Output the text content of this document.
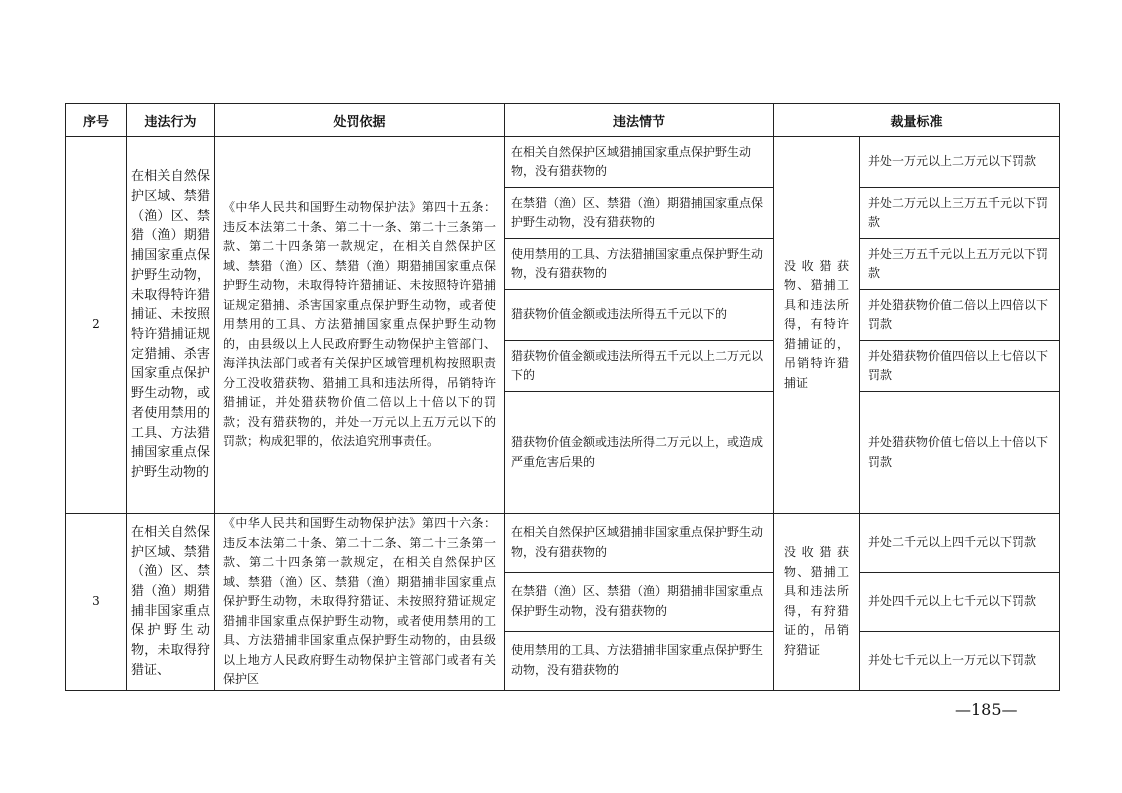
序号	违法行为	处罚依据	违法情节	裁量标准	
2	在相关自然保护区域、禁猎（渔）区、禁猎（渔）期猎捕国家重点保护野生动物，未取得特许猎捕证、未按照特许猎捕证规定猎捕、杀害国家重点保护野生动物，或者使用禁用的工具、方法猎捕国家重点保护野生动物的	《中华人民共和国野生动物保护法》第四十五条：违反本法第二十条、第二十一条、第二十三条第一款、第二十四条第一款规定，在相关自然保护区域、禁猎（渔）区、禁猎（渔）期猎捕国家重点保护野生动物，未取得特许猎捕证、未按照特许猎捕证规定猎捕、杀害国家重点保护野生动物，或者使用禁用的工具、方法猎捕国家重点保护野生动物的，由县级以上人民政府野生动物保护主管部门、海洋执法部门或者有关保护区域管理机构按照职责分工没收猎获物、猎捕工具和违法所得，吊销特许猎捕证，并处猎获物价值二倍以上十倍以下的罚款；没有猎获物的，并处一万元以上五万元以下的罚款；构成犯罪的，依法追究刑事责任。	在相关自然保护区域猎捕国家重点保护野生动物，没有猎获物的	没收猎获物、猎捕工具和违法所得，有特许猎捕证的，吊销特许猎捕证	并处一万元以上二万元以下罚款
			在禁猎（渔）区、禁猎（渔）期猎捕国家重点保护野生动物，没有猎获物的		并处二万元以上三万五千元以下罚款
			使用禁用的工具、方法猎捕国家重点保护野生动物，没有猎获物的		并处三万五千元以上五万元以下罚款
			猎获物价值金额或违法所得五千元以下的		并处猎获物价值二倍以上四倍以下罚款
			猎获物价值金额或违法所得五千元以上二万元以下的		并处猎获物价值四倍以上七倍以下罚款
			猎获物价值金额或违法所得二万元以上，或造成严重危害后果的		并处猎获物价值七倍以上十倍以下罚款
3	在相关自然保护区域、禁猎（渔）区、禁猎（渔）期猎捕非国家重点保护野生动物，未取得狩猎证、	《中华人民共和国野生动物保护法》第四十六条：违反本法第二十条、第二十二条、第二十三条第一款、第二十四条第一款规定，在相关自然保护区域、禁猎（渔）区、禁猎（渔）期猎捕非国家重点保护野生动物，未取得狩猎证、未按照狩猎证规定猎捕非国家重点保护野生动物，或者使用禁用的工具、方法猎捕非国家重点保护野生动物的，由县级以上地方人民政府野生动物保护主管部门或者有关保护区	在相关自然保护区域猎捕非国家重点保护野生动物，没有猎获物的	没收猎获物、猎捕工具和违法所得，有狩猎证的，吊销狩猎证	并处二千元以上四千元以下罚款
			在禁猎（渔）区、禁猎（渔）期猎捕非国家重点保护野生动物，没有猎获物的		并处四千元以上七千元以下罚款
			使用禁用的工具、方法猎捕非国家重点保护野生动物，没有猎获物的		并处七千元以上一万元以下罚款
—185—
